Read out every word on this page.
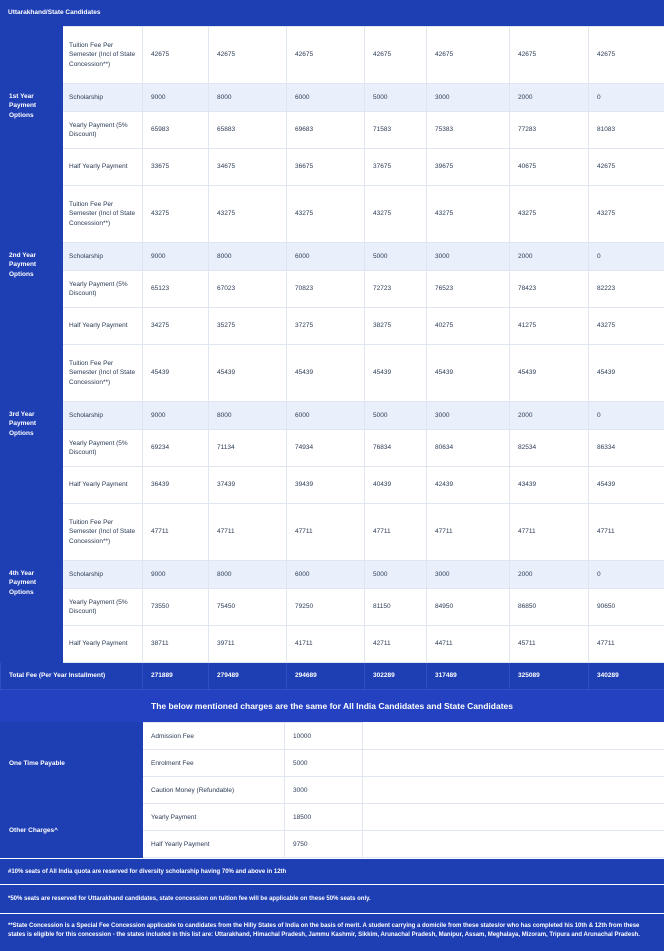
Uttarakhand/State Candidates
1st Year Payment Options	Tuition Fee Per Semester (Incl of State Concession**)	42675	42675	42675	42675	42675	42675	42675
	Scholarship	9000	8000	6000	5000	3000	2000	0
	Yearly Payment (5% Discount)	65983	65883	69683	71583	75383	77283	81083
	Half Yearly Payment	33675	34675	36675	37675	39675	40675	42675
2nd Year Payment Options	Tuition Fee Per Semester (Incl of State Concession**)	43275	43275	43275	43275	43275	43275	43275
	Scholarship	9000	8000	6000	5000	3000	2000	0
	Yearly Payment (5% Discount)	65123	67023	70823	72723	76523	78423	82223
	Half Yearly Payment	34275	35275	37275	38275	40275	41275	43275
3rd Year Payment Options	Tuition Fee Per Semester (Incl of State Concession**)	45439	45439	45439	45439	45439	45439	45439
	Scholarship	9000	8000	6000	5000	3000	2000	0
	Yearly Payment (5% Discount)	69234	71134	74934	76834	80634	82534	86334
	Half Yearly Payment	36439	37439	39439	40439	42439	43439	45439
4th Year Payment Options	Tuition Fee Per Semester (Incl of State Concession**)	47711	47711	47711	47711	47711	47711	47711
	Scholarship	9000	8000	6000	5000	3000	2000	0
	Yearly Payment (5% Discount)	73550	75450	79250	81150	84950	86850	90650
	Half Yearly Payment	38711	39711	41711	42711	44711	45711	47711
Total Fee (Per Year Installment)		271889	279489	294689	302289	317489	325089	340289
The below mentioned charges are the same for All India Candidates and State Candidates
One Time Payable	Admission Fee	10000	
	Enrolment Fee	5000	
	Caution Money (Refundable)	3000	
Other Charges^	Yearly Payment	18500	
	Half Yearly Payment	9750	
#10% seats of All India quota are reserved for diversity scholarship having 70% and above in 12th
*50% seats are reserved for Uttarakhand candidates, state concession on tuition fee will be applicable on these 50% seats only.
**State Concession is a Special Fee Concession applicable to candidates from the Hilly States of India on the basis of merit. A student carrying a domicile from these states/or who has completed his 10th & 12th from these states is eligible for this concession - the states included in this list are: Uttarakhand, Himachal Pradesh, Jammu Kashmir, Sikkim, Arunachal Pradesh, Manipur, Assam, Meghalaya, Mizoram, Tripura and Arunachal Pradesh.
